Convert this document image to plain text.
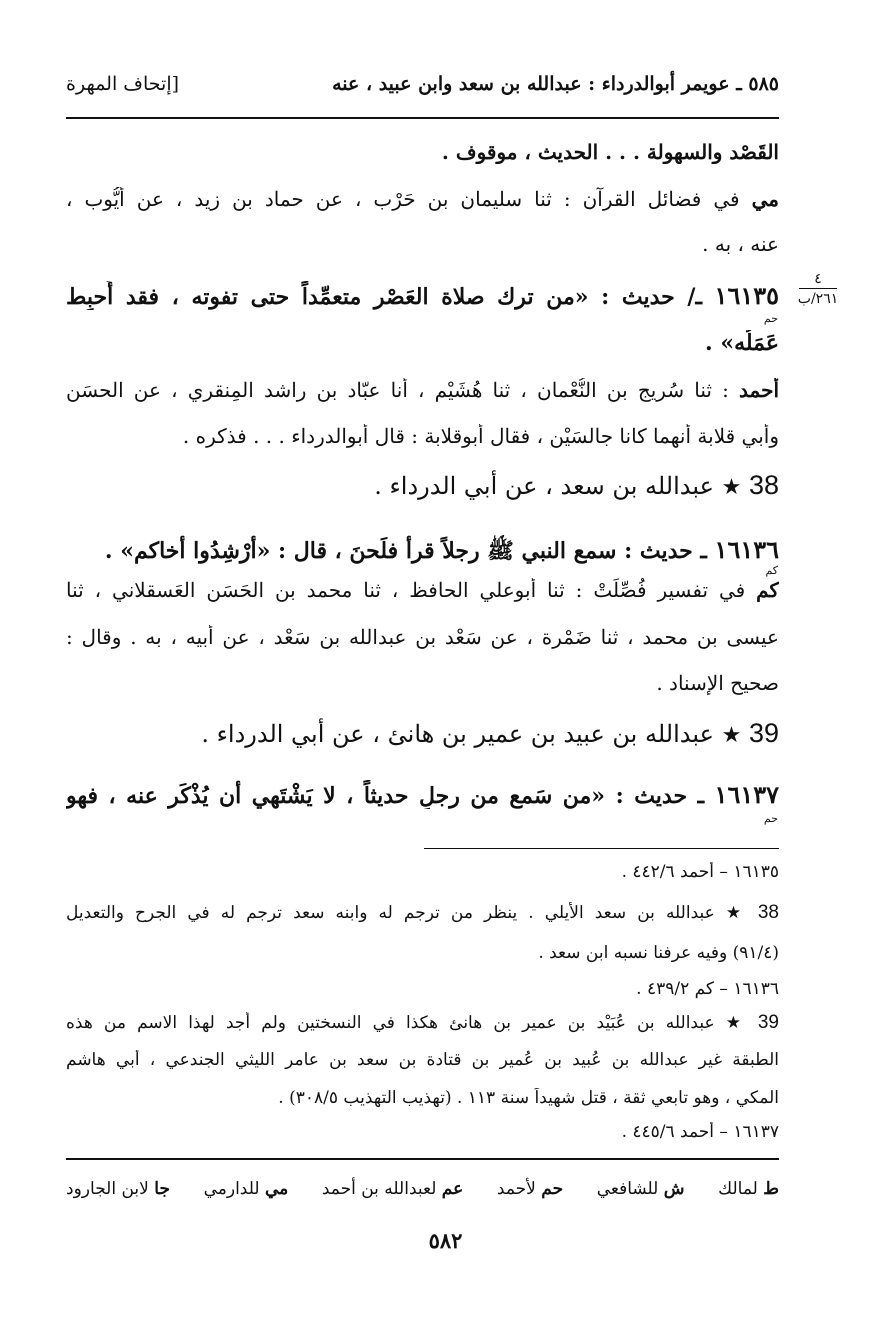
٥٨٥ ـ عويمر أبوالدرداء : عبدالله بن سعد وابن عبيد ، عنه
[إتحاف المهرة
٤
٢٦١/ب
القَصْد والسهولة . . . الحديث ، موقوف .
مي في فضائل القرآن : ثنا سليمان بن حَرْب ، عن حماد بن زيد ، عن أيُّوب ،
عنه ، به .
١٦١٣٥ ـ/ حديث : «من ترك صلاة العَصْر متعمِّداً حتى تفوته ، فقد أُحبِط
حم
عَمَلُه» .
أحمد : ثنا سُريج بن النُّعْمان ، ثنا هُشَيْم ، أنا عبّاد بن راشد المِنقري ، عن الحسَن
وأبي قلابة أنهما كانا جالسَيْن ، فقال أبوقلابة : قال أبوالدرداء . . . فذكره .
38 ★ عبدالله بن سعد ، عن أبي الدرداء .
١٦١٣٦ ـ حديث : سمع النبي ﷺ رجلاً قرأ فلَحنَ ، قال : «أرْشِدُوا أخاكم» .
كم
كم في تفسير فُصِّلَتْ : ثنا أبوعلي الحافظ ، ثنا محمد بن الحَسَن العَسقلاني ، ثنا
عيسى بن محمد ، ثنا ضَمْرة ، عن سَعْد بن عبدالله بن سَعْد ، عن أبيه ، به . وقال :
صحيح الإسناد .
39 ★ عبدالله بن عبيد بن عمير بن هانئ ، عن أبي الدرداء .
١٦١٣٧ ـ حديث : «من سَمع من رجلٍ حديثاً ، لا يَشْتَهِي أن يُذْكَر عنه ، فهو
حم
١٦١٣٥ – أحمد ٤٤٢/٦ .
38 ★ عبدالله بن سعد الأيلي . ينظر من ترجم له وابنه سعد ترجم له في الجرح والتعديل
(٩١/٤) وفيه عرفنا نسبه ابن سعد .
١٦١٣٦ – كم ٤٣٩/٢ .
39 ★ عبدالله بن عُبَيْد بن عمير بن هانئ هكذا في النسختين ولم أجد لهذا الاسم من هذه
الطبقة غير عبدالله بن عُبيد بن عُمير بن قتادة بن سعد بن عامر الليثي الجندعي ، أبي هاشم
المكي ، وهو تابعي ثقة ، قتل شهيداً سنة ١١٣ . (تهذيب التهذيب ٣٠٨/٥) .
١٦١٣٧ – أحمد ٤٤٥/٦ .
ط لمالك
ش للشافعي
حم لأحمد
عم لعبدالله بن أحمد
مي للدارمي
جا لابن الجارود
٥٨٢
